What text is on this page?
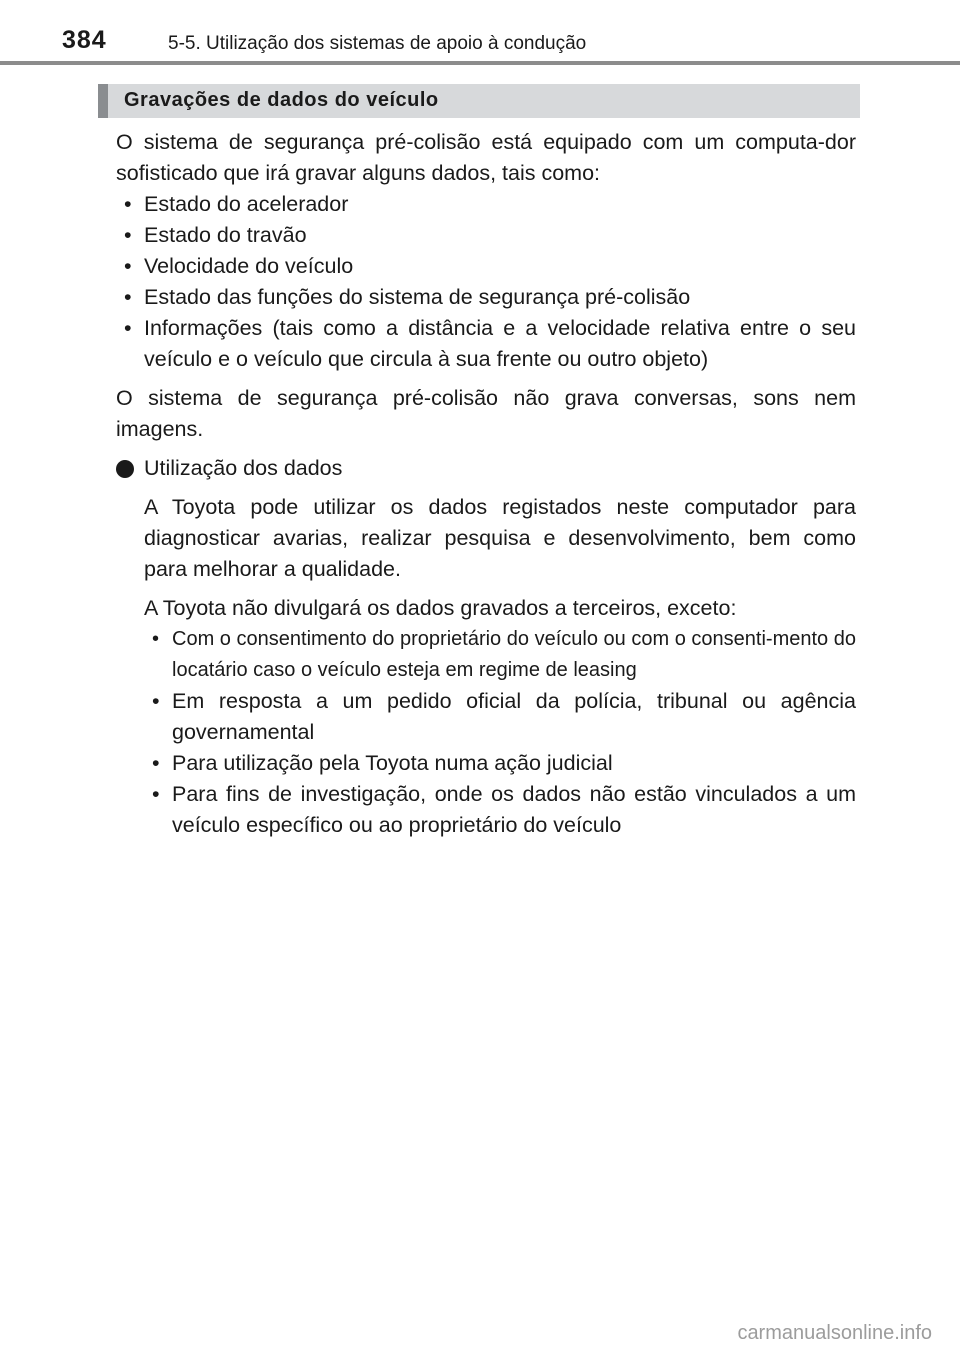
384	5-5. Utilização dos sistemas de apoio à condução
Gravações de dados do veículo

O sistema de segurança pré-colisão está equipado com um computa-dor sofisticado que irá gravar alguns dados, tais como:

• Estado do acelerador
• Estado do travão
• Velocidade do veículo
• Estado das funções do sistema de segurança pré-colisão
• Informações (tais como a distância e a velocidade relativa entre o seu veículo e o veículo que circula à sua frente ou outro objeto)

O sistema de segurança pré-colisão não grava conversas, sons nem imagens.

Utilização dos dados

A Toyota pode utilizar os dados registados neste computador para diagnosticar avarias, realizar pesquisa e desenvolvimento, bem como para melhorar a qualidade.

A Toyota não divulgará os dados gravados a terceiros, exceto:

• Com o consentimento do proprietário do veículo ou com o consenti-mento do locatário caso o veículo esteja em regime de leasing
• Em resposta a um pedido oficial da polícia, tribunal ou agência governamental
• Para utilização pela Toyota numa ação judicial
• Para fins de investigação, onde os dados não estão vinculados a um veículo específico ou ao proprietário do veículo
carmanualsonline.info
